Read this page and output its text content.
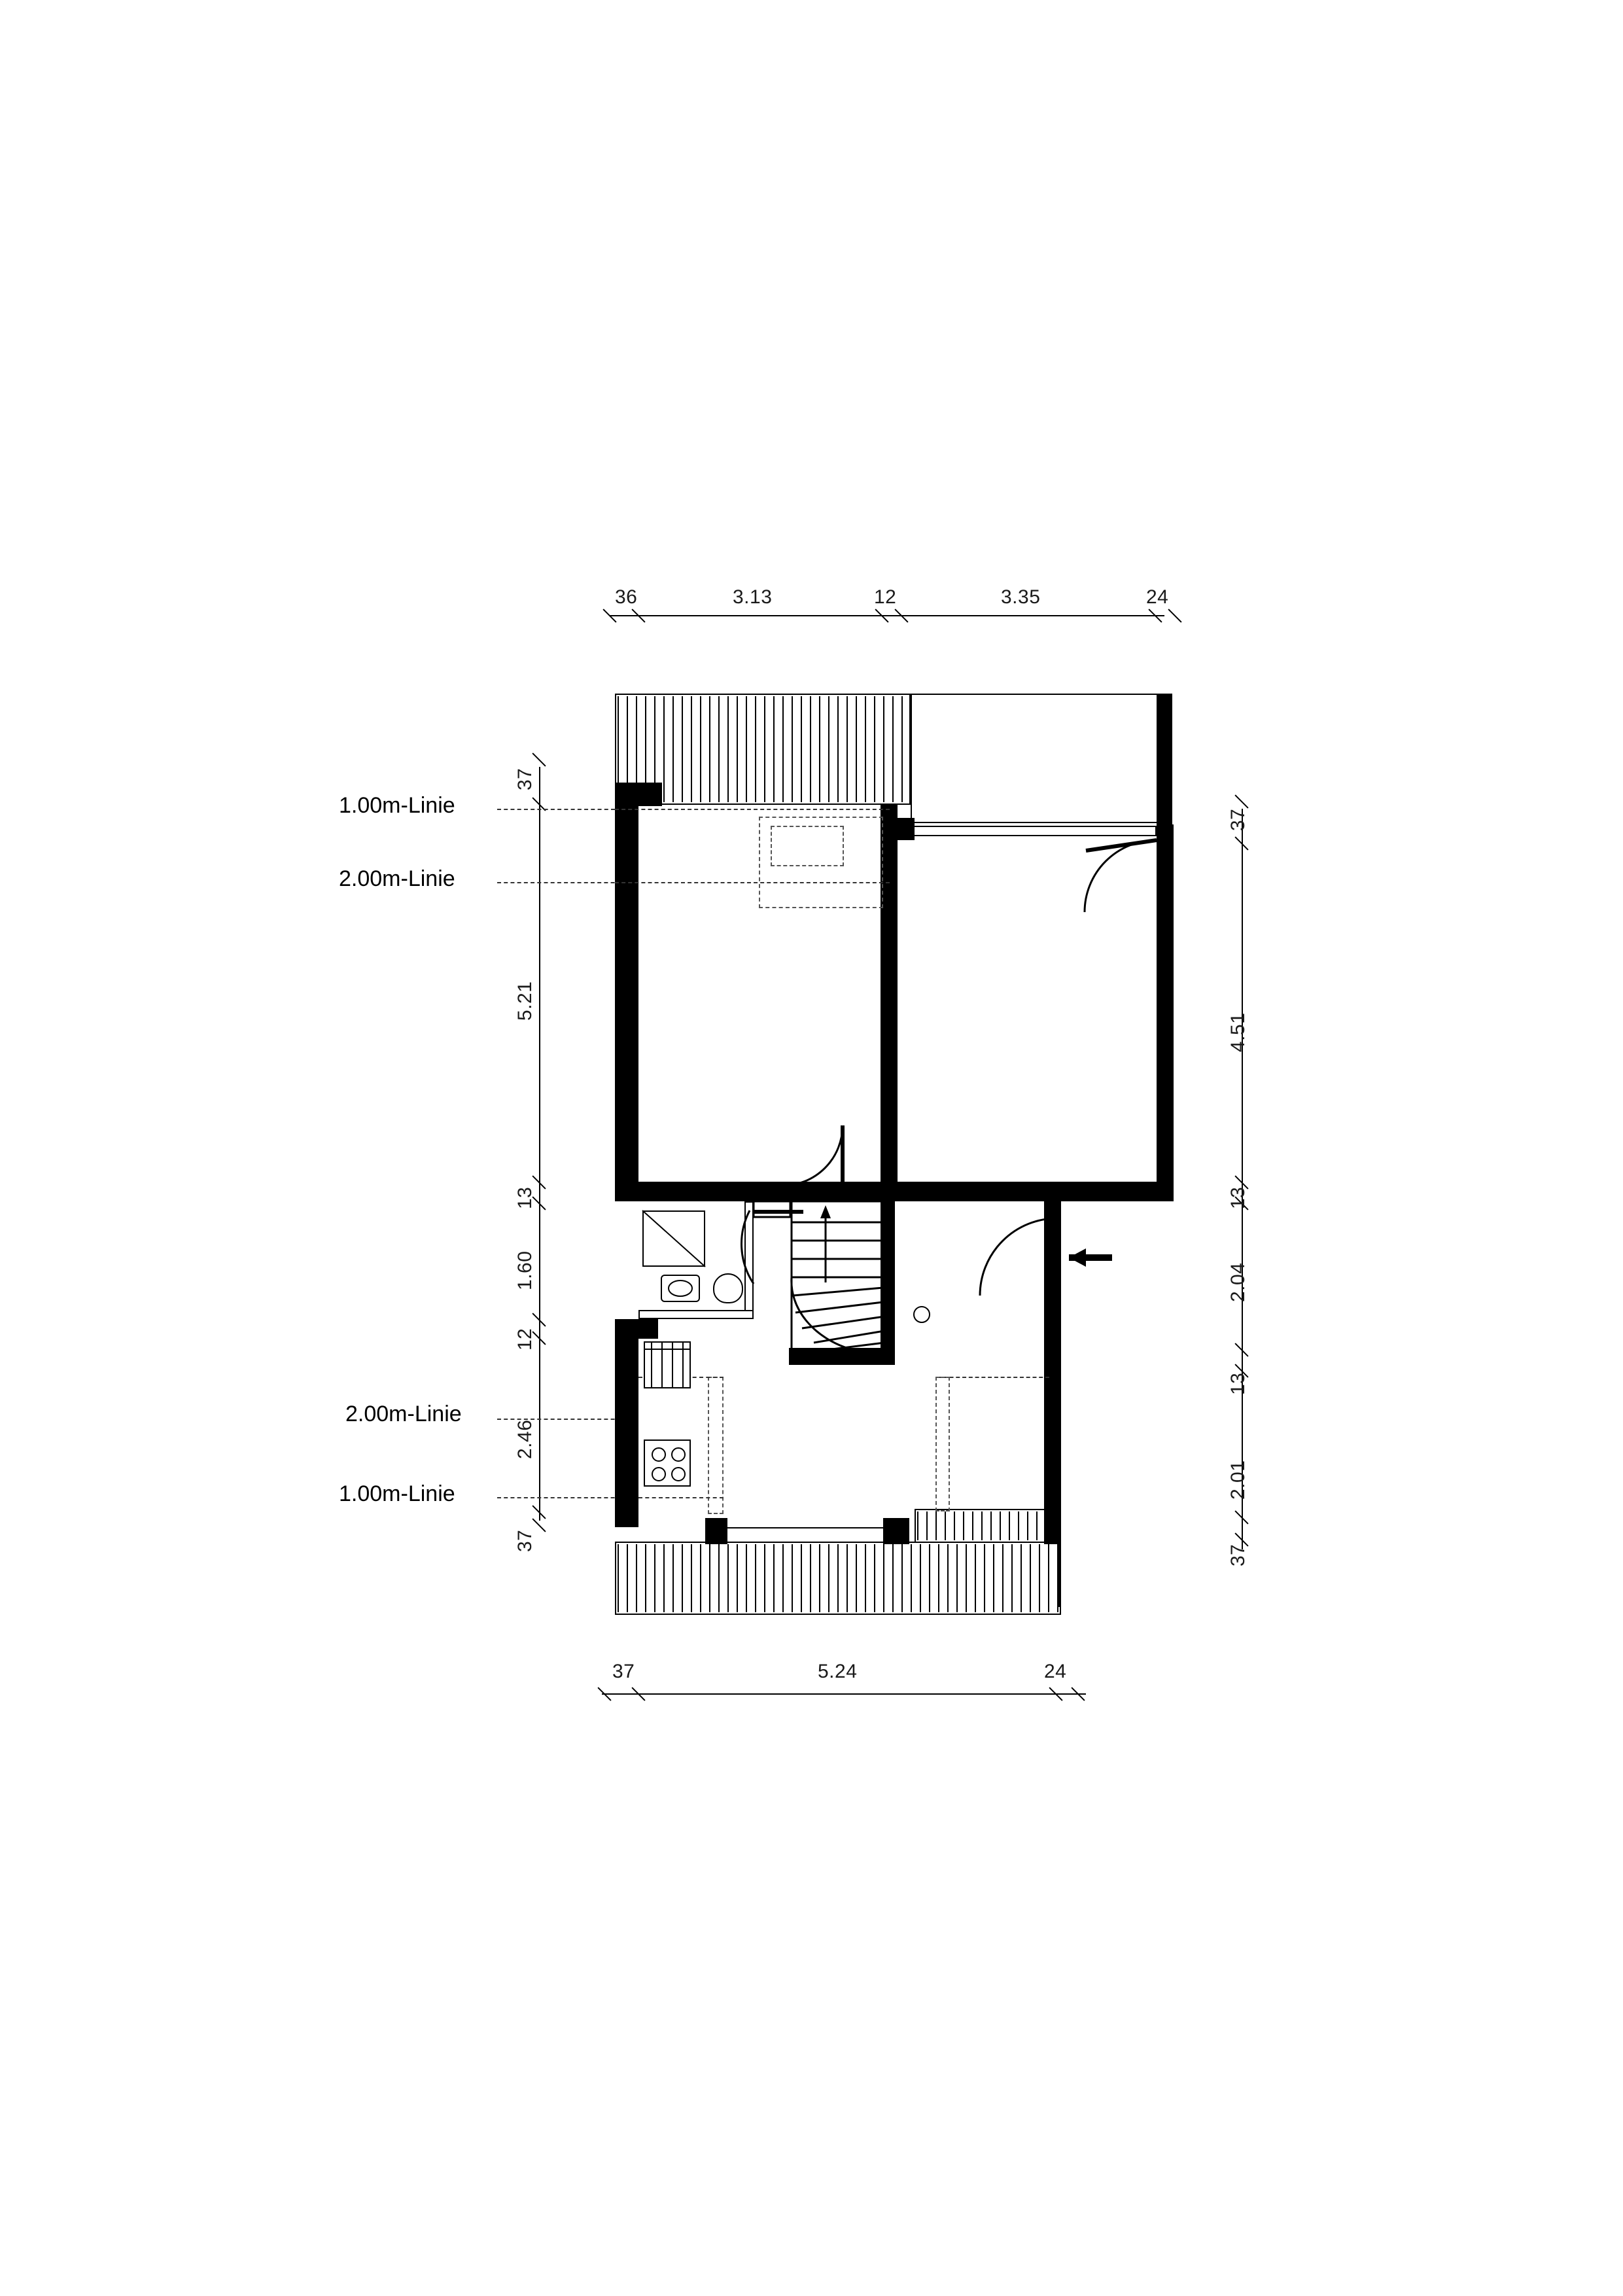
36	3.13	12	3.35	24
37	5.24	24
37
5.21
13
1.60
12
2.46
37
37
4.51
13
2.04
13
2.01
37
1.00m-Linie
2.00m-Linie
2.00m-Linie
1.00m-Linie
